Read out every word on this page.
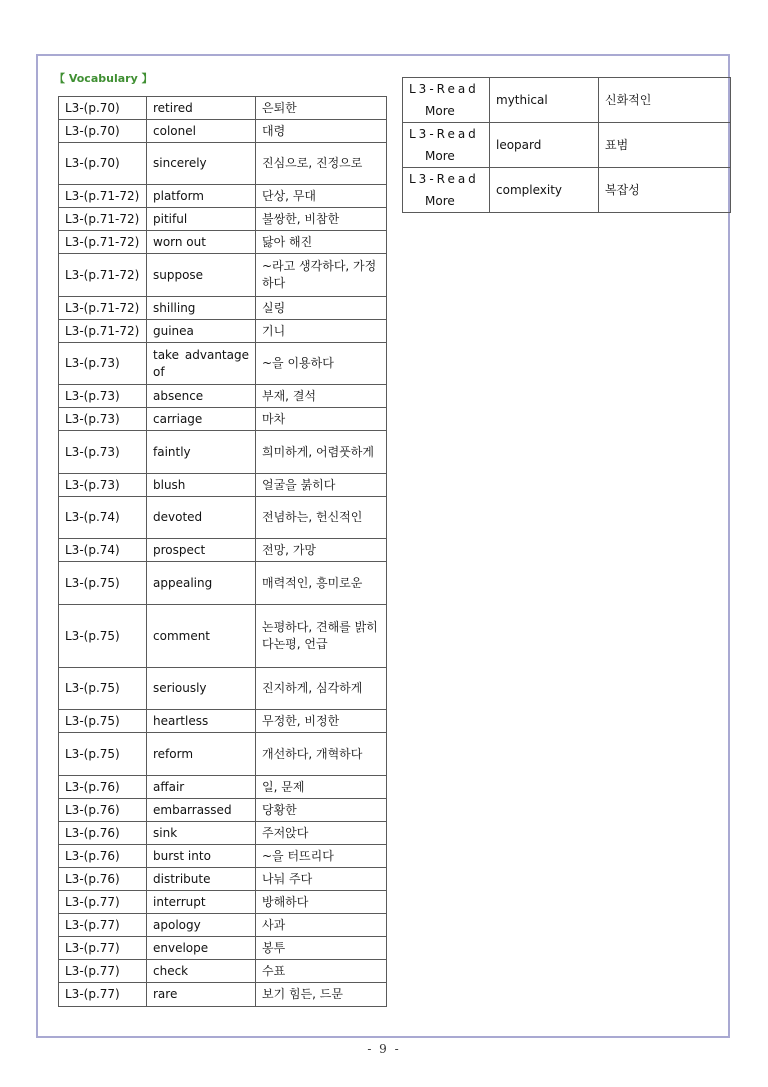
【 Vocabulary 】
L3-(p.70)	retired	은퇴한
L3-(p.70)	colonel	대령
L3-(p.70)	sincerely	진심으로, 진정으로
L3-(p.71-72)	platform	단상, 무대
L3-(p.71-72)	pitiful	불쌍한, 비참한
L3-(p.71-72)	worn out	닳아 해진
L3-(p.71-72)	suppose	~라고 생각하다, 가정하다
L3-(p.71-72)	shilling	실링
L3-(p.71-72)	guinea	기니
L3-(p.73)	take advantage of	~을 이용하다
L3-(p.73)	absence	부재, 결석
L3-(p.73)	carriage	마차
L3-(p.73)	faintly	희미하게, 어렴풋하게
L3-(p.73)	blush	얼굴을 붉히다
L3-(p.74)	devoted	전념하는, 헌신적인
L3-(p.74)	prospect	전망, 가망
L3-(p.75)	appealing	매력적인, 흥미로운
L3-(p.75)	comment	논평하다, 견해를 밝히다논평, 언급
L3-(p.75)	seriously	진지하게, 심각하게
L3-(p.75)	heartless	무정한, 비정한
L3-(p.75)	reform	개선하다, 개혁하다
L3-(p.76)	affair	일, 문제
L3-(p.76)	embarrassed	당황한
L3-(p.76)	sink	주저앉다
L3-(p.76)	burst into	~을 터뜨리다
L3-(p.76)	distribute	나눠 주다
L3-(p.77)	interrupt	방해하다
L3-(p.77)	apology	사과
L3-(p.77)	envelope	봉투
L3-(p.77)	check	수표
L3-(p.77)	rare	보기 힘든, 드문
L3-Read
More	mythical	신화적인

L3-Read
More	leopard	표범

L3-Read
More	complexity	복잡성
- 9 -
